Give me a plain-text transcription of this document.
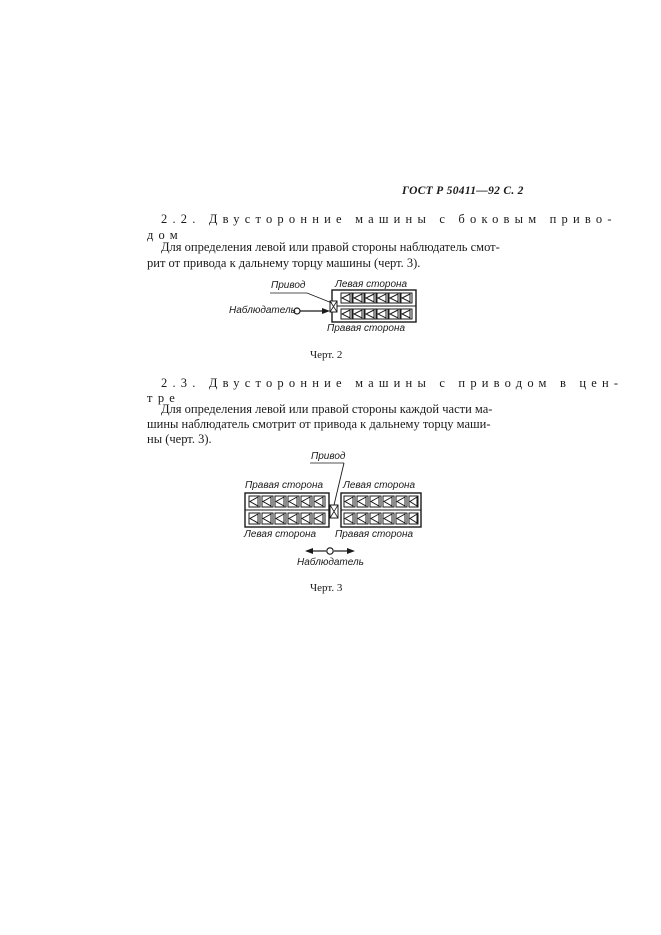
ГОСТ Р 50411—92 С. 2
2.2. Двусторонние машины с боковым приво-
дом
Для определения левой или правой стороны наблюдатель смот-
рит от привода к дальнему торцу машины (черт. 3).
Привод	Левая сторона
Наблюдатель
Правая сторона
Черт. 2
2.3. Двусторонние машины с приводом в цен-
тре
Для определения левой или правой стороны каждой части ма-
шины наблюдатель смотрит от привода к дальнему торцу маши-
ны (черт. 3).
Привод
Правая сторона Левая сторона
Левая сторона Правая сторона
Наблюдатель
Черт. 3
